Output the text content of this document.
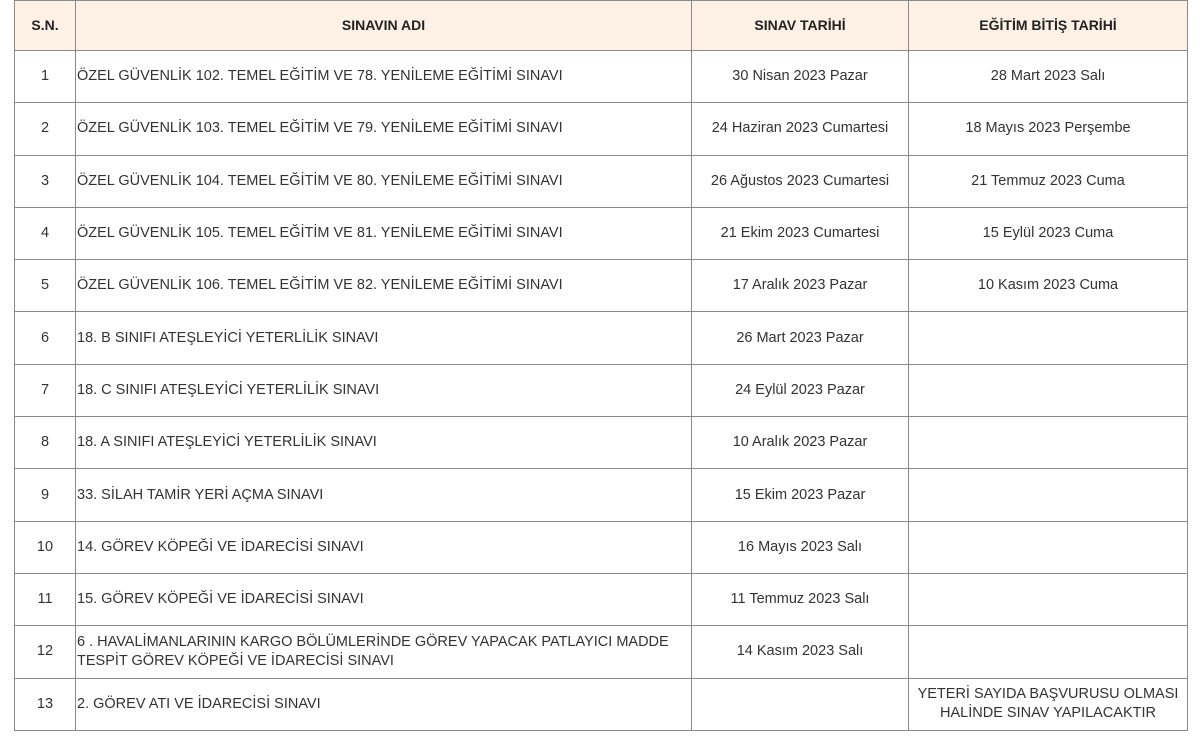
S.N.	SINAVIN ADI	SINAV TARİHİ	EĞİTİM BİTİŞ TARİHİ
1	ÖZEL GÜVENLİK 102. TEMEL EĞİTİM VE 78. YENİLEME EĞİTİMİ SINAVI	30 Nisan 2023 Pazar	28 Mart 2023 Salı
2	ÖZEL GÜVENLİK 103. TEMEL EĞİTİM VE 79. YENİLEME EĞİTİMİ SINAVI	24 Haziran 2023 Cumartesi	18 Mayıs 2023 Perşembe
3	ÖZEL GÜVENLİK 104. TEMEL EĞİTİM VE 80. YENİLEME EĞİTİMİ SINAVI	26 Ağustos 2023 Cumartesi	21 Temmuz 2023 Cuma
4	ÖZEL GÜVENLİK 105. TEMEL EĞİTİM VE 81. YENİLEME EĞİTİMİ SINAVI	21 Ekim 2023 Cumartesi	15 Eylül 2023 Cuma
5	ÖZEL GÜVENLİK 106. TEMEL EĞİTİM VE 82. YENİLEME EĞİTİMİ SINAVI	17 Aralık 2023 Pazar	10 Kasım 2023 Cuma
6	18. B SINIFI ATEŞLEYİCİ YETERLİLİK SINAVI	26 Mart 2023 Pazar	
7	18. C SINIFI ATEŞLEYİCİ YETERLİLİK SINAVI	24 Eylül 2023 Pazar	
8	18. A SINIFI ATEŞLEYİCİ YETERLİLİK SINAVI	10 Aralık 2023 Pazar	
9	33. SİLAH TAMİR YERİ AÇMA SINAVI	15 Ekim 2023 Pazar	
10	14. GÖREV KÖPEĞİ VE İDARECİSİ SINAVI	16 Mayıs 2023 Salı	
11	15. GÖREV KÖPEĞİ VE İDARECİSİ SINAVI	11 Temmuz 2023 Salı	
12	6 . HAVALİMANLARININ KARGO BÖLÜMLERİNDE GÖREV YAPACAK PATLAYICI MADDE TESPİT GÖREV KÖPEĞİ VE İDARECİSİ SINAVI	14 Kasım 2023 Salı	
13	2. GÖREV ATI VE İDARECİSİ SINAVI		YETERİ SAYIDA BAŞVURUSU OLMASI HALİNDE SINAV YAPILACAKTIR
